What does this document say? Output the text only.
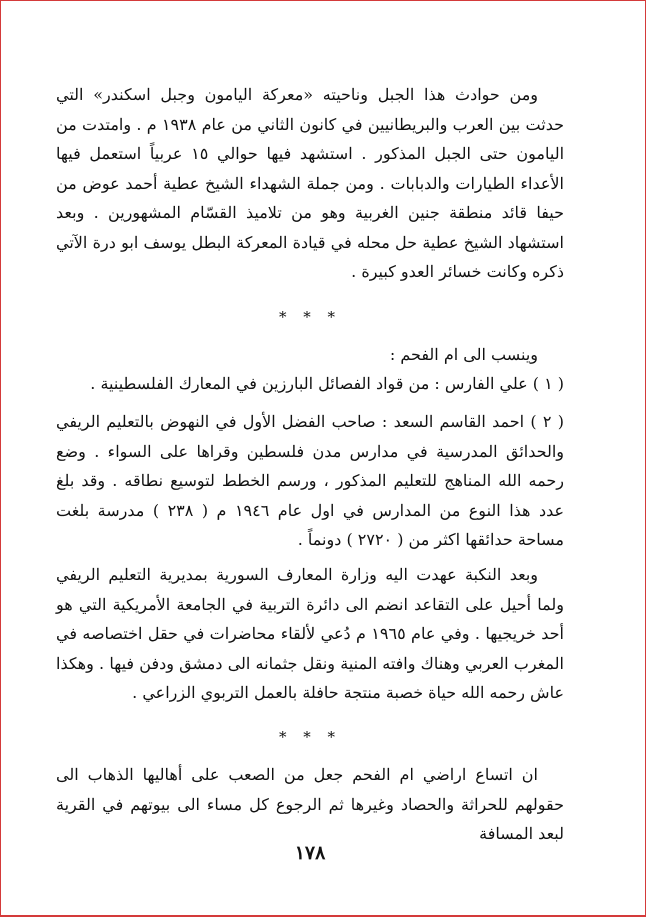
ومن حوادث هذا الجبل وناحيته «معركة اليامون وجبل اسكندر» التي حدثت بين العرب والبريطانيين في كانون الثاني من عام ١٩٣٨ م . وامتدت من اليامون حتى الجبل المذكور . استشهد فيها حوالي ١٥ عربياً استعمل فيها الأعداء الطيارات والدبابات . ومن جملة الشهداء الشيخ عطية أحمد عوض من حيفا قائد منطقة جنين الغربية وهو من تلاميذ القسّام المشهورين . وبعد استشهاد الشيخ عطية حل محله في قيادة المعركة البطل يوسف ابو درة الآتي ذكره وكانت خسائر العدو كبيرة .

* * *

وينسب الى ام الفحم :

( ١ ) علي الفارس : من قواد الفصائل البارزين في المعارك الفلسطينية .

( ٢ ) احمد القاسم السعد : صاحب الفضل الأول في النهوض بالتعليم الريفي والحدائق المدرسية في مدارس مدن فلسطين وقراها على السواء . وضع رحمه الله المناهج للتعليم المذكور ، ورسم الخطط لتوسيع نطاقه . وقد بلغ عدد هذا النوع من المدارس في اول عام ١٩٤٦ م ( ٢٣٨ ) مدرسة بلغت مساحة حدائقها اكثر من ( ٢٧٢٠ ) دونماً .

وبعد النكبة عهدت اليه وزارة المعارف السورية بمديرية التعليم الريفي ولما أحيل على التقاعد انضم الى دائرة التربية في الجامعة الأمريكية التي هو أحد خريجيها . وفي عام ١٩٦٥ م دُعي لألقاء محاضرات في حقل اختصاصه في المغرب العربي وهناك وافته المنية ونقل جثمانه الى دمشق ودفن فيها . وهكذا عاش رحمه الله حياة خصبة منتجة حافلة بالعمل التربوي الزراعي .

* * *

ان اتساع اراضي ام الفحم جعل من الصعب على أهاليها الذهاب الى حقولهم للحراثة والحصاد وغيرها ثم الرجوع كل مساء الى بيوتهم في القرية لبعد المسافة

١٧٨
